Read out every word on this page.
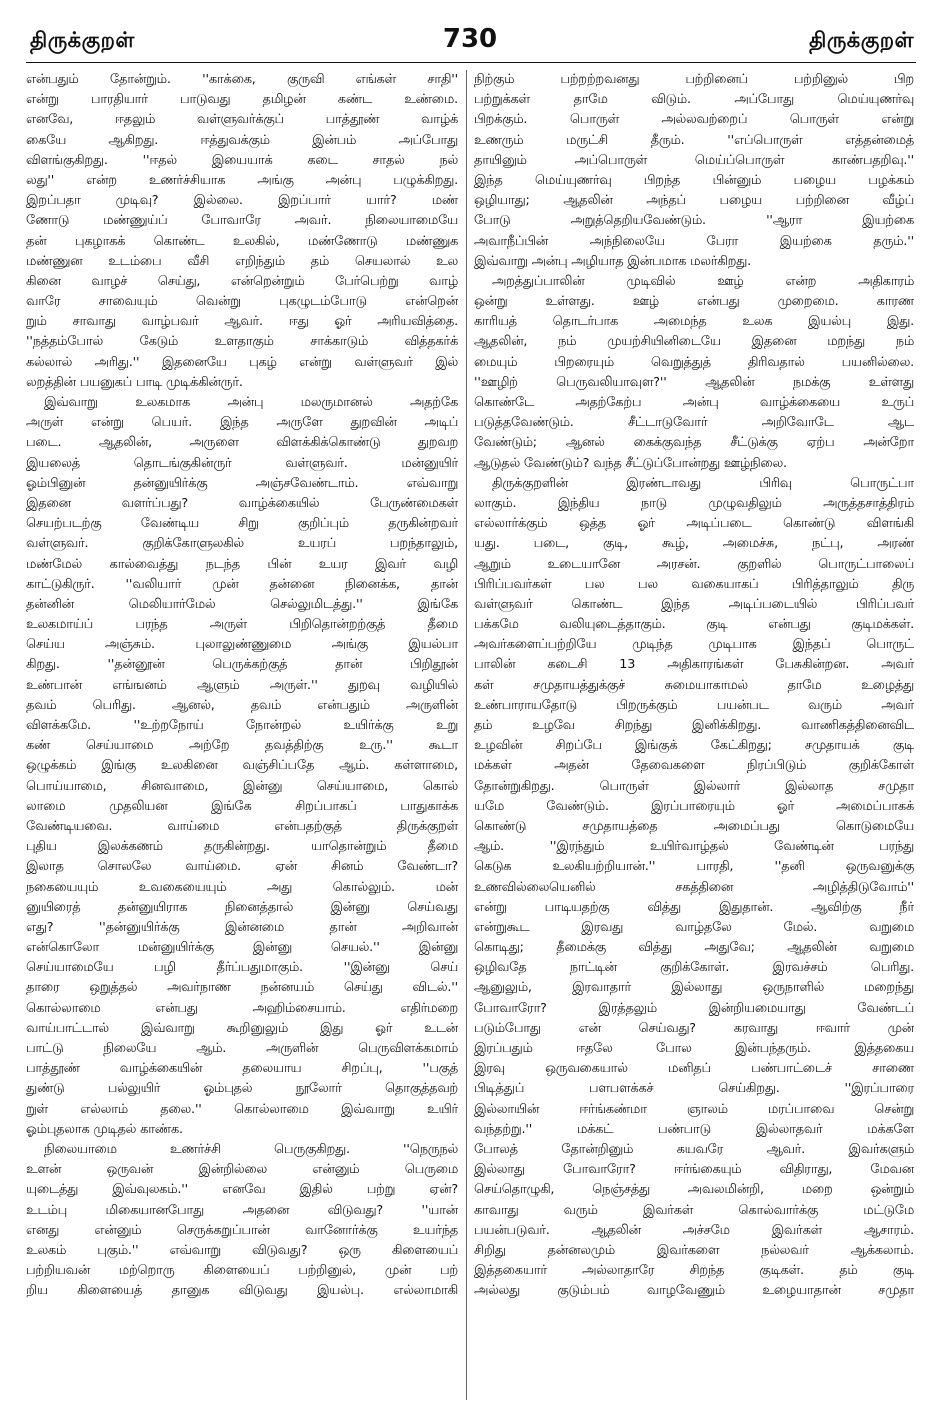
திருக்குறள்	730	திருக்குறள்
என்பதும் தோன்றும். ''காக்கை, குருவி எங்கள் சாதி''
என்று பாரதியார் பாடுவது தமிழன் கண்ட உண்மை.
எனவே, ஈதலும் வள்ளுவர்க்குப் பாத்தூண் வாழ்க்
கையே ஆகிறது. ஈத்துவக்கும் இன்பம் அப்போது
விளங்குகிறது. ''ஈதல் இயையாக் கடை சாதல் நல்
லது'' என்ற உணர்ச்சியாக அங்கு அன்பு பழுக்கிறது.
இறப்பதா முடிவு? இல்லை. இறப்பார் யார்? மண்
ணோடு மண்ணுய்ப் போவாரே அவர். நிலையாமையே
தன் புகழாகக் கொண்ட உலகில், மண்ணோடு மண்ணுக
மண்ணுன உடம்பை வீசி எறிந்தும் தம் செயலால் உல
கினை வாழச் செய்து, என்றென்றும் பேர்பெற்று வாழ்
வாரே சாவையும் வென்று புகழுடம்போடு என்றென்
றும் சாவாது வாழ்பவர் ஆவர். ஈது ஓர் அரியவித்தை.
''நத்தம்போல் கேடும் உளதாகும் சாக்காடும் வித்தகர்க்
கல்லால் அரிது.'' இதனையே புகழ் என்று வள்ளுவர் இல்
லறத்தின் பயனுகப் பாடி முடிக்கின்ருர்.
இவ்வாறு உலகமாக அன்பு மலருமானல் அதற்கே
அருள் என்று பெயர். இந்த அருளே துறவின் அடிப்
படை. ஆதலின், அருளை விளக்கிக்கொண்டு துறவற
இயலைத் தொடங்குகின்ருர் வள்ளுவர். மன்னுயிர்
ஓம்பினுன் தன்னுயிர்க்கு அஞ்சவேண்டாம். எவ்வாறு
இதனை வளர்ப்பது? வாழ்க்கையில் பேருண்மைகள்
செயற்படற்கு வேண்டிய சிறு குறிப்பும் தருகின்றவர்
வள்ளுவர். குறிக்கோளுலகில் உயரப் பறந்தாலும்,
மண்மேல் கால்வைத்து நடந்த பின் உயர இவர் வழி
காட்டுகிருர். ''வலியார் முன் தன்னை நினைக்க, தான்
தன்னின் மெலியார்மேல் செல்லுமிடத்து.'' இங்கே
உலகமாய்ப் பரந்த அருள் பிறிதொன்றற்குத் தீமை
செய்ய அஞ்சும். புலாலுண்ணுமை அங்கு இயல்பா
கிறது. ''தன்னூன் பெருக்கற்குத் தான் பிறிதூன்
உண்பான் எங்ஙனம் ஆளும் அருள்.'' துறவு வழியில்
தவம் பெரிது. ஆனல், தவம் என்பதும் அருளின்
விளக்கமே. ''உற்றநோய் நோன்றல் உயிர்க்கு உறு
கண் செய்யாமை அற்றே தவத்திற்கு உரு.'' கூடா
ஒழுக்கம் இங்கு உலகினை வஞ்சிப்பதே ஆம். கள்ளாமை,
பொய்யாமை, சினவாமை, இன்னு செய்யாமை, கொல்
லாமை முதலியன இங்கே சிறப்பாகப் பாதுகாக்க
வேண்டியவை. வாய்மை என்பதற்குத் திருக்குறள்
புதிய இலக்கணம் தருகின்றது. யாதொன்றும் தீமை
இலாத சொலலே வாய்மை. ஏன் சினம் வேண்டா?
நகையையும் உவகையையும் அது கொல்லும். மன்
னுயிரைத் தன்னுயிராக நினைத்தால் இன்னு செய்வது
எது? ''தன்னுயிர்க்கு இன்னமை தான் அறிவான்
என்கொலோ மன்னுயிர்க்கு இன்னு செயல்.'' இன்னு
செய்யாமையே பழி தீர்ப்பதுமாகும். ''இன்னு செய்
தாரை ஒறுத்தல் அவர்நாண நன்னயம் செய்து விடல்.''
கொல்லாமை என்பது அஹிம்சையாம். எதிர்மறை
வாய்பாட்டால் இவ்வாறு கூறினுலும் இது ஓர் உடன்
பாட்டு நிலையே ஆம். அருளின் பெருவிளக்கமாம்
பாத்தூண் வாழ்க்கையின் தலையாய சிறப்பு, ''பகுத்
துண்டு பல்லுயிர் ஓம்புதல் நூலோர் தொகுத்தவற்
றுள் எல்லாம் தலை.'' கொல்லாமை இவ்வாறு உயிர்
ஓம்புதலாக முடிதல் காண்க.
நிலையாமை உணர்ச்சி பெருகுகிறது. ''நெருநல்
உளன் ஒருவன் இன்றில்லை என்னும் பெருமை
யுடைத்து இவ்வுலகம்.'' எனவே இதில் பற்று ஏன்?
உடம்பு மிகையானபோது அதனை விடுவது? ''யான்
எனது என்னும் செருக்கறுப்பான் வானோர்க்கு உயர்ந்த
உலகம் புகும்.'' எவ்வாறு விடுவது? ஒரு கிளையைப்
பற்றியவன் மற்றொரு கிளையைப் பற்றினுல், முன் பற்
றிய கிளையைத் தானுக விடுவது இயல்பு. எல்லாமாகி
நிற்கும் பற்றற்றவனது பற்றினைப் பற்றினுல் பிற
பற்றுக்கள் தாமே விடும். அப்போது மெய்யுணர்வு
பிறக்கும். பொருள் அல்லவற்றைப் பொருள் என்று
உணரும் மருட்சி தீரும். ''எப்பொருள் எத்தன்மைத்
தாயினும் அப்பொருள் மெய்ப்பொருள் காண்பதறிவு.''
இந்த மெய்யுணர்வு பிறந்த பின்னும் பழைய பழக்கம்
ஒழியாது; ஆதலின் அந்தப் பழைய பற்றினை வீழ்ப்
போடு அறுத்தெறியவேண்டும். ''ஆரா இயற்கை
அவாநீப்பின் அந்நிலையே பேரா இயற்கை தரும்.''
இவ்வாறு அன்பு அழியாத இன்பமாக மலர்கிறது.
அறத்துப்பாலின் முடிவில் ஊழ் என்ற அதிகாரம்
ஒன்று உள்ளது. ஊழ் என்பது முறைமை. காரண
காரியத் தொடர்பாக அமைந்த உலக இயல்பு இது.
ஆதலின், நம் முயற்சியினிடையே இதனை மறந்து நம்
மையும் பிறரையும் வெறுத்துத் திரிவதால் பயனில்லை.
''ஊழிற் பெருவலியாவுள?'' ஆதலின் நமக்கு உள்ளது
கொண்டே அதற்கேற்ப அன்பு வாழ்க்கையை உருப்
படுத்தவேண்டும். சீட்டாடுவோர் அறிவோடே ஆட
வேண்டும்; ஆனல் கைக்குவந்த சீட்டுக்கு ஏற்ப அன்றோ
ஆடுதல் வேண்டும்? வந்த சீட்டுப்போன்றது ஊழ்நிலை.
திருக்குறளின் இரண்டாவது பிரிவு பொருட்பா
லாகும். இந்திய நாடு முழுவதிலும் அருத்தசாத்திரம்
எல்லார்க்கும் ஒத்த ஓர் அடிப்படை கொண்டு விளங்கி
யது. படை, குடி, கூழ், அமைச்சு, நட்பு, அரண்
ஆறும் உடையானே அரசன். குறளில் பொருட்பாலைப்
பிரிப்பவர்கள் பல பல வகையாகப் பிரித்தாலும் திரு
வள்ளுவர் கொண்ட இந்த அடிப்படையில் பிரிப்பவர்
பக்கமே வலியுடைத்தாகும். குடி என்பது குடிமக்கள்.
அவர்களைப்பற்றியே முடிந்த முடிபாக இந்தப் பொருட்
பாலின் கடைசி 13 அதிகாரங்கள் பேசுகின்றன. அவர்
கள் சமுதாயத்துக்குச் சுமையாகாமல் தாமே உழைத்து
உண்பாராயதோடு பிறருக்கும் பயன்பட வரும் அவர்
தம் உழவே சிறந்து இனிக்கிறது. வாணிகத்தினைவிட
உழவின் சிறப்பே இங்குக் கேட்கிறது; சமுதாயக் குடி
மக்கள் அதன் தேவைகளை நிரப்பிடும் குறிக்கோள்
தோன்றுகிறது. பொருள் இல்லார் இல்லாத சமுதா
யமே வேண்டும். இரப்பாரையும் ஓர் அமைப்பாகக்
கொண்டு சமுதாயத்தை அமைப்பது கொடுமையே
ஆம். ''இரந்தும் உயிர்வாழ்தல் வேண்டின் பரந்து
கெடுக உலகியற்றியான்.'' பாரதி, ''தனி ஒருவனுக்கு
உணவில்லையெனில் சகத்தினை அழித்திடுவோம்''
என்று பாடியதற்கு வித்து இதுதான். ஆவிற்கு நீர்
என்றுகூட இரவது வாழ்தலே மேல். வறுமை
கொடிது; தீமைக்கு வித்து அதுவே; ஆதலின் வறுமை
ஒழிவதே நாட்டின் குறிக்கோள். இரவச்சம் பெரிது.
ஆனுலும், இரவாதார் இல்லாது ஒருநாளில் மறைந்து
போவாரோ? இரத்தலும் இன்றியமையாது வேண்டப்
படும்போது என் செய்வது? கரவாது ஈவார் முன்
இரப்பதும் ஈதலே போல இன்பந்தரும். இத்தகைய
இரவு ஒருவகையால் மனிதப் பண்பாட்டைச் சாணை
பிடித்துப் பளபளக்கச் செய்கிறது. ''இரப்பாரை
இல்லாயின் ஈர்ங்கண்மா ஞாலம் மரப்பாவை சென்று
வந்தற்று.'' மக்கட் பண்பாடு இல்லாதவர் மக்களே
போலத் தோன்றினும் கயவரே ஆவர். இவர்களும்
இல்லாது போவாரோ? ஈர்ங்கையும் விதிராது, மேவன
செய்தொழுகி, நெஞ்சத்து அவலமின்றி, மறை ஒன்றும்
காவாது வரும் இவர்கள் கொல்வார்க்கு மட்டுமே
பயன்படுவர். ஆதலின் அச்சமே இவர்கள் ஆசாரம்.
சிறிது தன்னலமும் இவர்களை நல்லவர் ஆக்கலாம்.
இத்தகையார் அல்லாதாரே சிறந்த குடிகள். தம் குடி
அல்லது குடும்பம் வாழவேணும் உழையாதான் சமுதா
